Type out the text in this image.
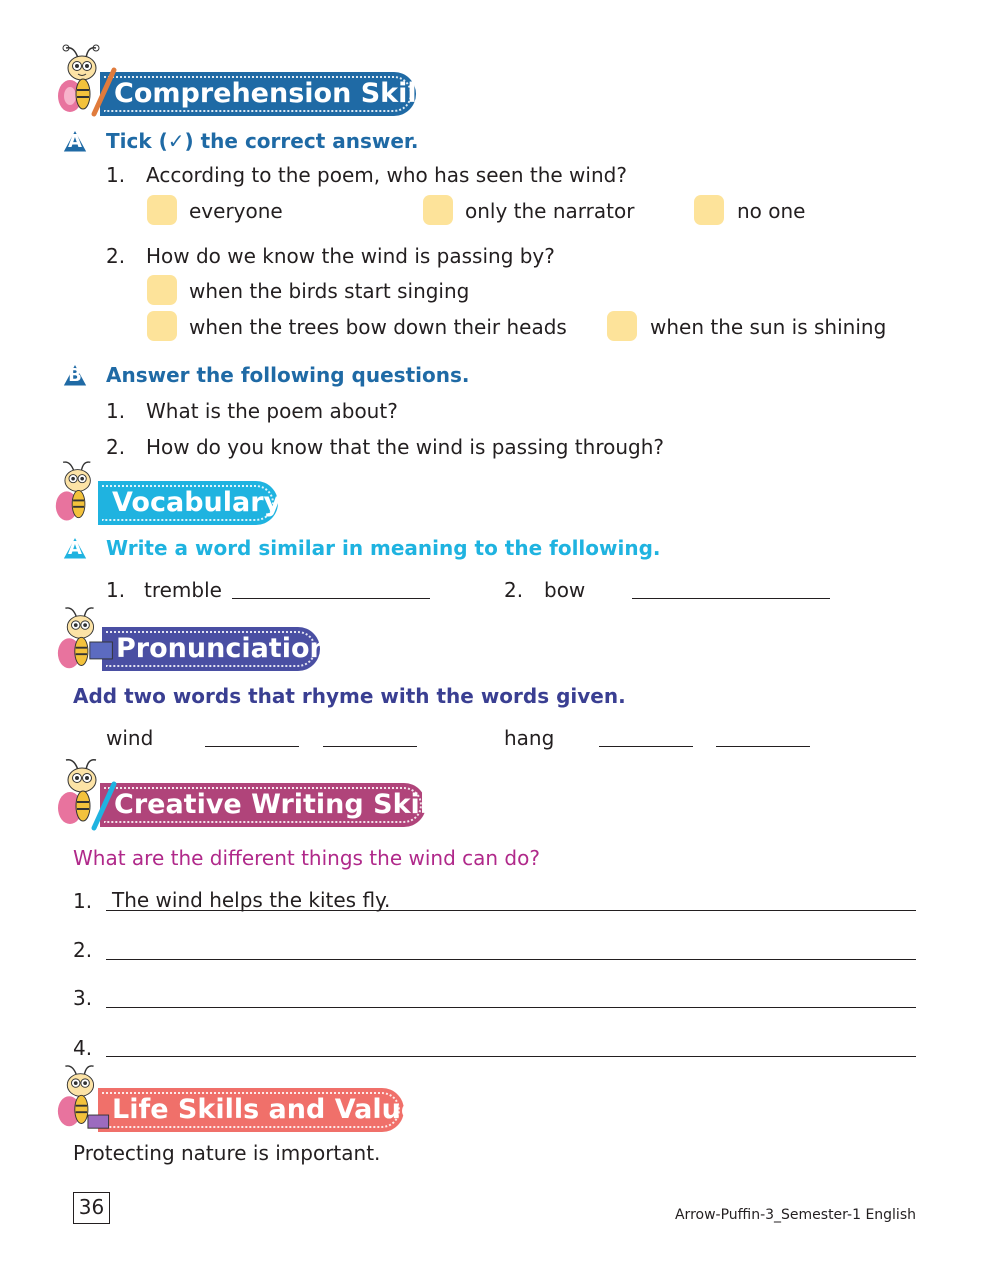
Comprehension Skills
A Tick (✓) the correct answer.
1. According to the poem, who has seen the wind?
everyone	only the narrator	no one
2. How do we know the wind is passing by?
when the birds start singing
when the trees bow down their heads	when the sun is shining
B Answer the following questions.
1. What is the poem about?
2. How do you know that the wind is passing through?
Vocabulary
A Write a word similar in meaning to the following.
1. tremble	2. bow
Pronunciation
Add two words that rhyme with the words given.
wind	hang
Creative Writing Skills
What are the different things the wind can do?
1. The wind helps the kites fly.
2.
3.
4.
Life Skills and Values
Protecting nature is important.
36	Arrow-Puffin-3_Semester-1 English
